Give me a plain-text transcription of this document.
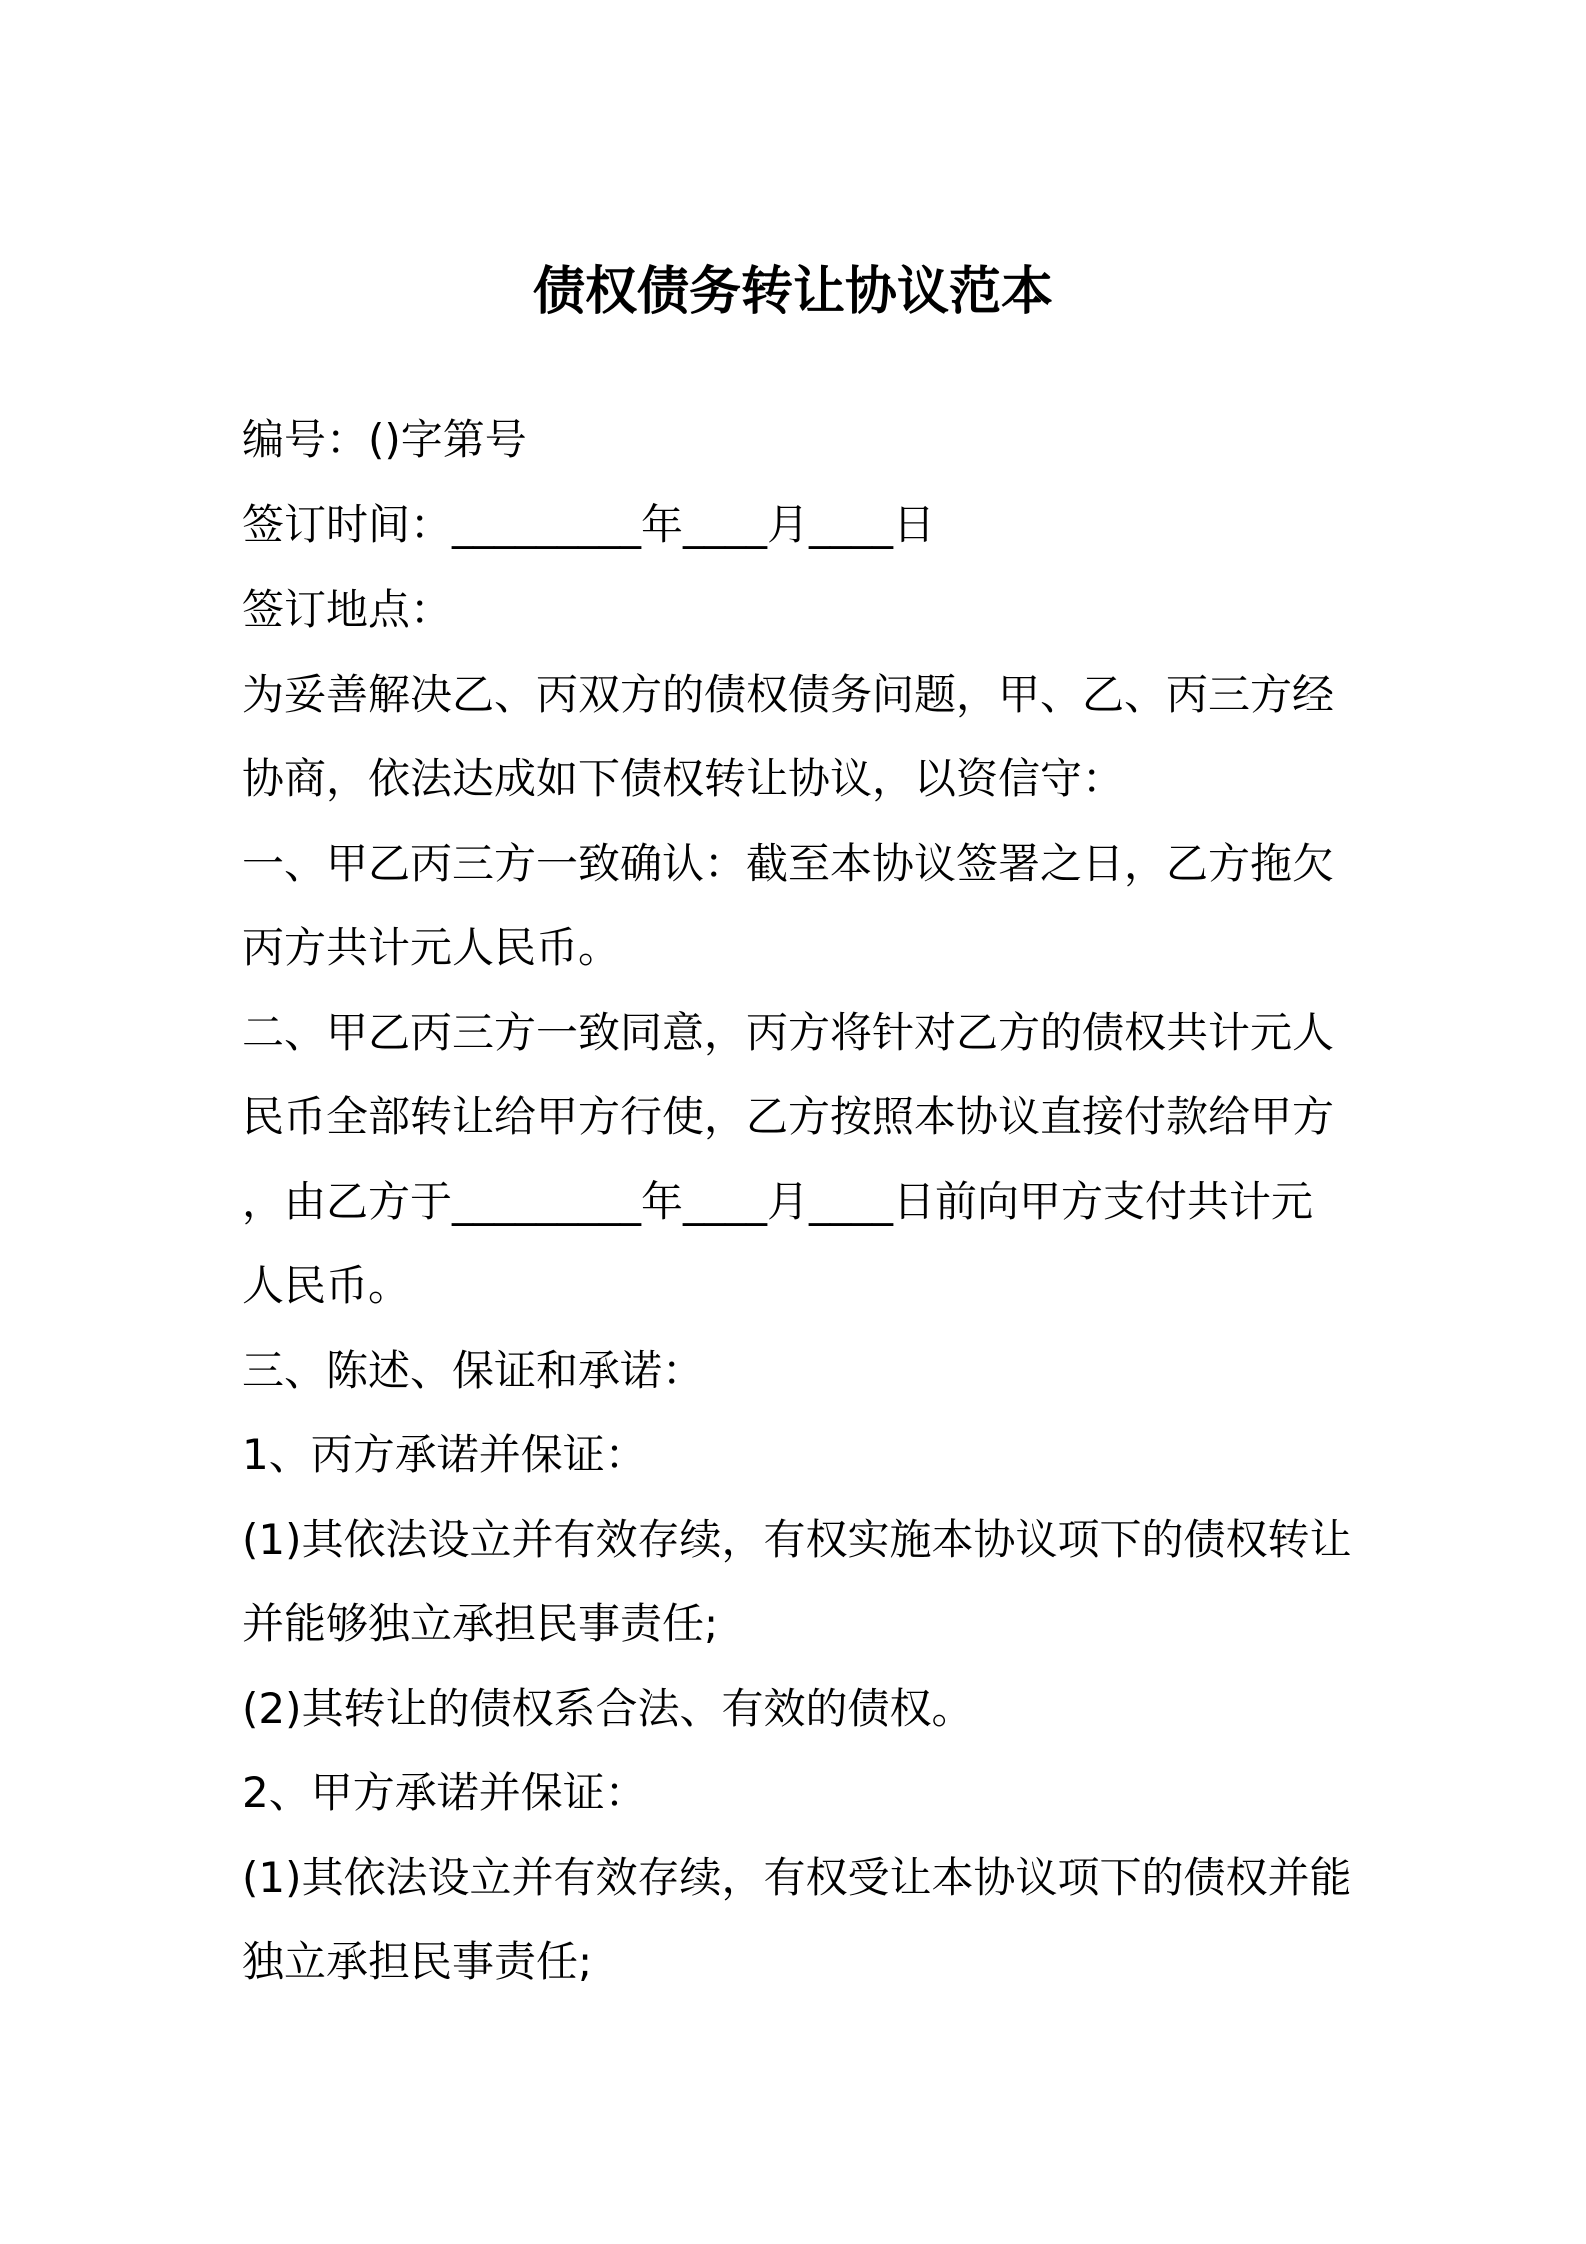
债权债务转让协议范本
编号：()字第号
签订时间：_________年____月____日
签订地点：
为妥善解决乙、丙双方的债权债务问题，甲、乙、丙三方经
协商，依法达成如下债权转让协议，以资信守：
一、甲乙丙三方一致确认：截至本协议签署之日，乙方拖欠
丙方共计元人民币。
二、甲乙丙三方一致同意，丙方将针对乙方的债权共计元人
民币全部转让给甲方行使，乙方按照本协议直接付款给甲方
，由乙方于_________年____月____日前向甲方支付共计元
人民币。
三、陈述、保证和承诺：
1、丙方承诺并保证：
(1)其依法设立并有效存续，有权实施本协议项下的债权转让
并能够独立承担民事责任;
(2)其转让的债权系合法、有效的债权。
2、甲方承诺并保证：
(1)其依法设立并有效存续，有权受让本协议项下的债权并能
独立承担民事责任;
